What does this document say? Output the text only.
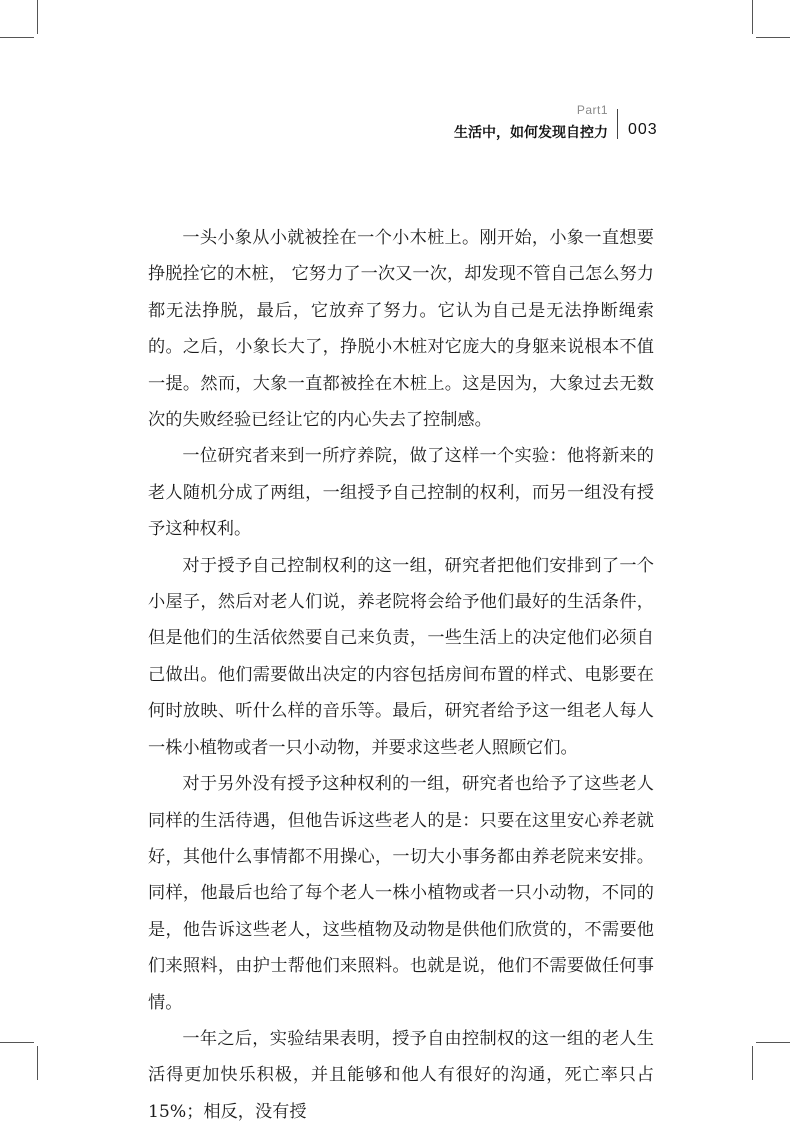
Part1
生活中，如何发现自控力 003

一头小象从小就被拴在一个小木桩上。刚开始，小象一直想要挣脱拴它的木桩， 它努力了一次又一次，却发现不管自己怎么努力都无法挣脱，最后，它放弃了努力。它认为自己是无法挣断绳索的。之后，小象长大了，挣脱小木桩对它庞大的身躯来说根本不值一提。然而，大象一直都被拴在木桩上。这是因为，大象过去无数次的失败经验已经让它的内心失去了控制感。

一位研究者来到一所疗养院，做了这样一个实验：他将新来的老人随机分成了两组，一组授予自己控制的权利，而另一组没有授予这种权利。

对于授予自己控制权利的这一组，研究者把他们安排到了一个小屋子，然后对老人们说，养老院将会给予他们最好的生活条件，但是他们的生活依然要自己来负责，一些生活上的决定他们必须自己做出。他们需要做出决定的内容包括房间布置的样式、电影要在何时放映、听什么样的音乐等。最后，研究者给予这一组老人每人一株小植物或者一只小动物，并要求这些老人照顾它们。

对于另外没有授予这种权利的一组，研究者也给予了这些老人同样的生活待遇，但他告诉这些老人的是：只要在这里安心养老就好，其他什么事情都不用操心，一切大小事务都由养老院来安排。同样，他最后也给了每个老人一株小植物或者一只小动物，不同的是，他告诉这些老人，这些植物及动物是供他们欣赏的，不需要他们来照料，由护士帮他们来照料。也就是说，他们不需要做任何事情。

一年之后，实验结果表明，授予自由控制权的这一组的老人生活得更加快乐积极，并且能够和他人有很好的沟通，死亡率只占15%；相反，没有授
